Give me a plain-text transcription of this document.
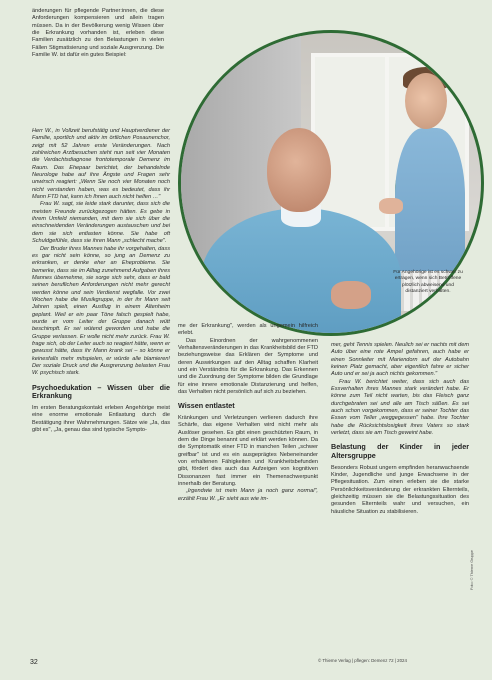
änderungen für pflegende Partner:innen, die diese Anforderungen kompensieren und allein tragen müssen. Da in der Bevölkerung wenig Wissen über die Erkrankung vorhanden ist, erleben diese Familien zusätzlich zu den Belastungen in vielen Fällen Stigmatisierung und soziale Ausgrenzung. Die Familie W. ist dafür ein gutes Beispiel:

Herr W., in Vollzeit berufstätig und Hauptverdiener der Familie, sportlich und aktiv im örtlichen Posaunenchor, zeigt mit 52 Jahren erste Veränderungen. Nach zahlreichen Arztbesuchen steht nun seit vier Monaten die Verdachtsdiagnose frontotemporale Demenz im Raum. Das Ehepaar berichtet, der behandelnde Neurologe habe auf ihre Ängste und Fragen sehr unwirsch reagiert: „Wenn Sie noch vier Monaten noch nicht verstanden haben, was es bedeutet, dass ihr Mann FTD hat, kann ich Ihnen auch nicht helfen …"

Frau W. sagt, sie leide stark darunter, dass sich die meisten Freunde zurückgezogen hätten. Es gebe in ihrem Umfeld niemanden, mit dem sie sich über die einschneidenden Veränderungen austauschen und bei dem sie sich entlasten könne. Sie habe oft Schuldgefühle, dass sie ihren Mann „schlecht mache".

Der Bruder ihres Mannes habe ihr vorgehalten, dass es gar nicht sein könne, so jung an Demenz zu erkranken, er denke eher an Eheprobleme. Sie bemerke, dass sie im Alltag zunehmend Aufgaben ihres Mannes übernehme, sie sorge sich sehr, dass er bald seinen beruflichen Anforderungen nicht mehr gerecht werden könne und sein Verdienst wegfalle. Vor zwei Wochen habe die Musikgruppe, in der ihr Mann seit Jahren spielt, einen Ausflug in einem Altenheim geplant. Weil er ein paar Töne falsch gespielt habe, wurde er vom Leiter der Gruppe danach wütt beschimpft. Er sei wütend geworden und habe die Gruppe verlassen. Er wolle nicht mehr zurück. Frau W. frage sich, ob der Leiter auch so reagiert hätte, wenn er gewusst hätte, dass ihr Mann krank sei – so könne er keinesfalls mehr mitspielen, er würde alle blamieren! Der soziale Druck und die Ausgrenzung belasten Frau W. psychisch stark.

Psychoedukation – Wissen über die Erkrankung

Im ersten Beratungskontakt erleben Angehörige meist eine enorme emotionale Entlastung durch die Bestätigung ihrer Wahrnehmungen. Sätze wie „Ja, das gibt es", „Ja, genau das sind typische Sympto-

Für Angehörige ist es schwer zu ertragen, wenn sich Betroffene plötzlich abweisend und distanziert verhalten.

me der Erkrankung", werden als ungemein hilfreich erlebt.

Das Einordnen der wahrgenommenen Verhaltensveränderungen in das Krankheitsbild der FTD beziehungsweise das Erklären der Symptome und deren Auswirkungen auf den Alltag schaffen Klarheit und ein Verständnis für die Erkrankung. Das Erkennen und die Zuordnung der Symptome bilden die Grundlage für eine innere emotionale Distanzierung und helfen, das Verhalten nicht persönlich auf sich zu beziehen.

Wissen entlastet

Kränkungen und Verletzungen verlieren dadurch ihre Schärfe, das eigene Verhalten wird nicht mehr als Auslöser gesehen. Es gibt einen geschützten Raum, in dem die Dinge benannt und erklärt werden können. Da die Symptomatik einer FTD in manchen Teilen „schwer greifbar" ist und es ein ausgeprägtes Nebeneinander von erhaltenen Fähigkeiten und Krankheitsbefunden gibt, fördert dies auch das Aufzeigen von kognitiven Dissonanzen fast immer ein Themenschwerpunkt innerhalb der Beratung.

„Irgendwie ist mein Mann ja noch ganz normal", erzählt Frau W. „Er sieht aus wie im-

mer, geht Tennis spielen. Neulich sei er nachts mit dem Auto über eine rote Ampel gefahren, auch habe er einen Sonnleiter mit Mariendorn auf der Autobahn keinen Platz gemacht, aber eigentlich fahre er sicher Auto und er sei ja auch nichts gekommen."

Frau W. berichtet weiter, dass sich auch das Essverhalten ihres Mannes stark verändert habe. Er könne zum Teil nicht warten, bis das Fleisch ganz durchgebraten sei und alle am Tisch säßen. Es sei auch schon vorgekommen, dass er seiner Tochter das Essen vom Teller „weggegessen" habe. Ihre Tochter habe die Rücksichtslosigkeit ihres Vaters so stark verletzt, dass sie am Tisch geweint habe.

Belastung der Kinder in jeder Altersgruppe

Besonders Robust ungern empfinden heranwachsende Kinder, Jugendliche und junge Erwachsene in der Pflegesituation. Zum einen erleben sie die starke Persönlichkeitsveränderung der erkrankten Elternteils, gleichzeitig müssen sie die Belastungssituation des gesunden Elternteils wahr und versuchen, ein häusliche Situation zu stabilisieren.

32	© Thieme Verlag | pflegen: Demenz 72 | 2024
Foto: © Thieme Gruppe
